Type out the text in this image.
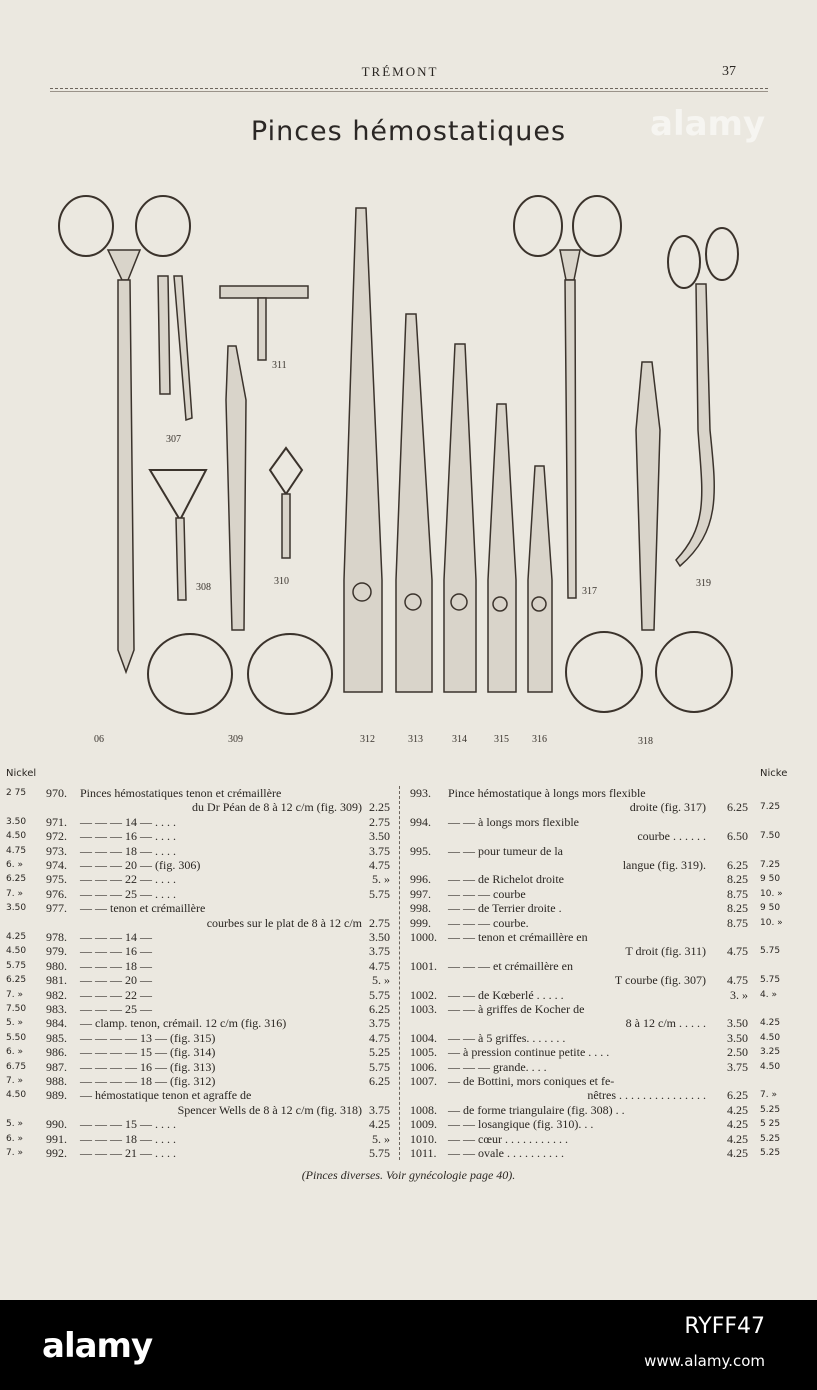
TRÉMONT	37
alamy
Pinces hémostatiques
311
307
308
310
317
319
06	309	312	313	314	315 316	318
Nickel	Nicke
2 75 970. Pinces hémostatiques tenon et crémaillère
du Dr Péan de 8 à 12 c/m (fig. 309) 2.25
3.50 971. — — — 14 — . . . .	2.75
4.50 972. — — — 16 — . . . .	3.50
4.75 973. — — — 18 — . . . .	3.75
6. » 974. — — — 20 — (fig. 306)	4.75
6.25 975. — — — 22 — . . . .	5. »
7. » 976. — — — 25 — . . . .	5.75
3.50 977. — — tenon et crémaillère
courbes sur le plat de 8 à 12 c/m 2.75
4.25 978. — — — 14 —	3.50
4.50 979. — — — 16 —	3.75
5.75 980. — — — 18 —	4.75
6.25 981. — — — 20 —	5. »
7. » 982. — — — 22 —	5.75
7.50 983. — — — 25 —	6.25
5. » 984. — clamp. tenon, crémail. 12 c/m (fig. 316)	3.75
5.50 985. — — — — 13 — (fig. 315)	4.75
6. » 986. — — — — 15 — (fig. 314)	5.25
6.75 987. — — — — 16 — (fig. 313)	5.75
7. » 988. — — — — 18 — (fig. 312)	6.25
4.50 989. — hémostatique tenon et agraffe de
Spencer Wells de 8 à 12 c/m (fig. 318) 3.75
5. » 990. — — — 15 — . . . .	4.25
6. » 991. — — — 18 — . . . .	5. »
7. » 992. — — — 21 — . . . .	5.75
993. Pince hémostatique à longs mors flexible
droite (fig. 317)	6.25 7.25
994. — — à longs mors flexible
courbe . . . . . .	6.50 7.50
995. — — pour tumeur de la
langue (fig. 319).	6.25 7.25
996. — — de Richelot droite	8.25 9 50
997. — — — courbe	8.75 10. »
998. — — de Terrier droite .	8.25 9 50
999. — — — courbe.	8.75 10. »
1000. — — tenon et crémaillère en
T droit (fig. 311)	4.75 5.75
1001. — — — et crémaillère en
T courbe (fig. 307)	4.75 5.75
1002. — — de Kœberlé . . . . .	3. » 4. »
1003. — — à griffes de Kocher de
8 à 12 c/m . . . . .	3.50 4.25
1004. — — à 5 griffes. . . . . . .	3.50 4.50
1005. — à pression continue petite . . . .	2.50 3.25
1006. — — — grande. . . .	3.75 4.50
1007. — de Bottini, mors coniques et fe-
nêtres . . . . . . . . . . . . . . .	6.25 7. »
1008. — de forme triangulaire (fig. 308) . .	4.25 5.25
1009. — — losangique (fig. 310). . .	4.25 5 25
1010. — — cœur . . . . . . . . . . .	4.25 5.25
1011. — — ovale . . . . . . . . . .	4.25 5.25
(Pinces diverses. Voir gynécologie page 40).
alamy	RYFF47
www.alamy.com
